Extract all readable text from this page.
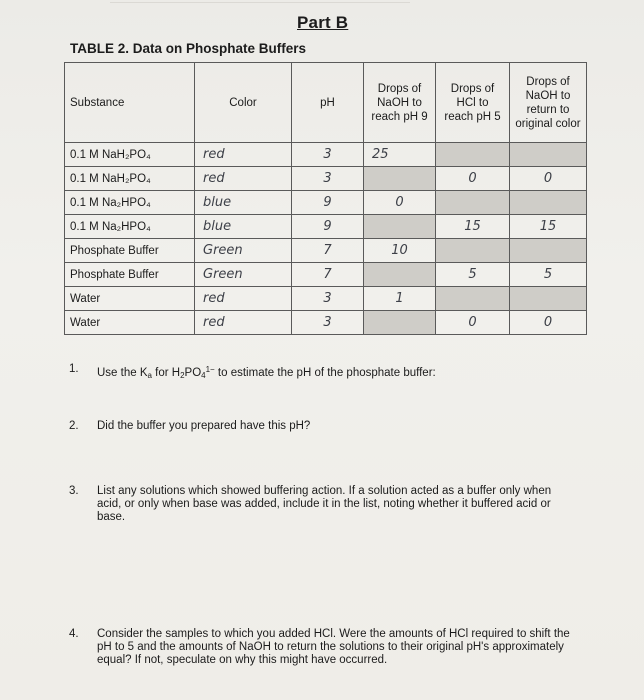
Part B
TABLE 2. Data on Phosphate Buffers
Substance	Color	pH	Drops of NaOH to reach pH 9	Drops of HCl to reach pH 5	Drops of NaOH to return to original color
0.1 M NaH₂PO₄	red	3	25		
0.1 M NaH₂PO₄	red	3		0	0
0.1 M Na₂HPO₄	blue	9	0		
0.1 M Na₂HPO₄	blue	9		15	15
Phosphate Buffer	Green	7	10		
Phosphate Buffer	Green	7		5	5
Water	red	3	1		
Water	red	3		0	0
1.	Use the $K_a$ for $H_2PO_4^{1-}$ to estimate the pH of the phosphate buffer:
2.	Did the buffer you prepared have this pH?
3.	List any solutions which showed buffering action. If a solution acted as a buffer only when acid, or only when base was added, include it in the list, noting whether it buffered acid or base.
4.	Consider the samples to which you added HCl. Were the amounts of HCl required to shift the pH to 5 and the amounts of NaOH to return the solutions to their original pH's approximately equal? If not, speculate on why this might have occurred.
